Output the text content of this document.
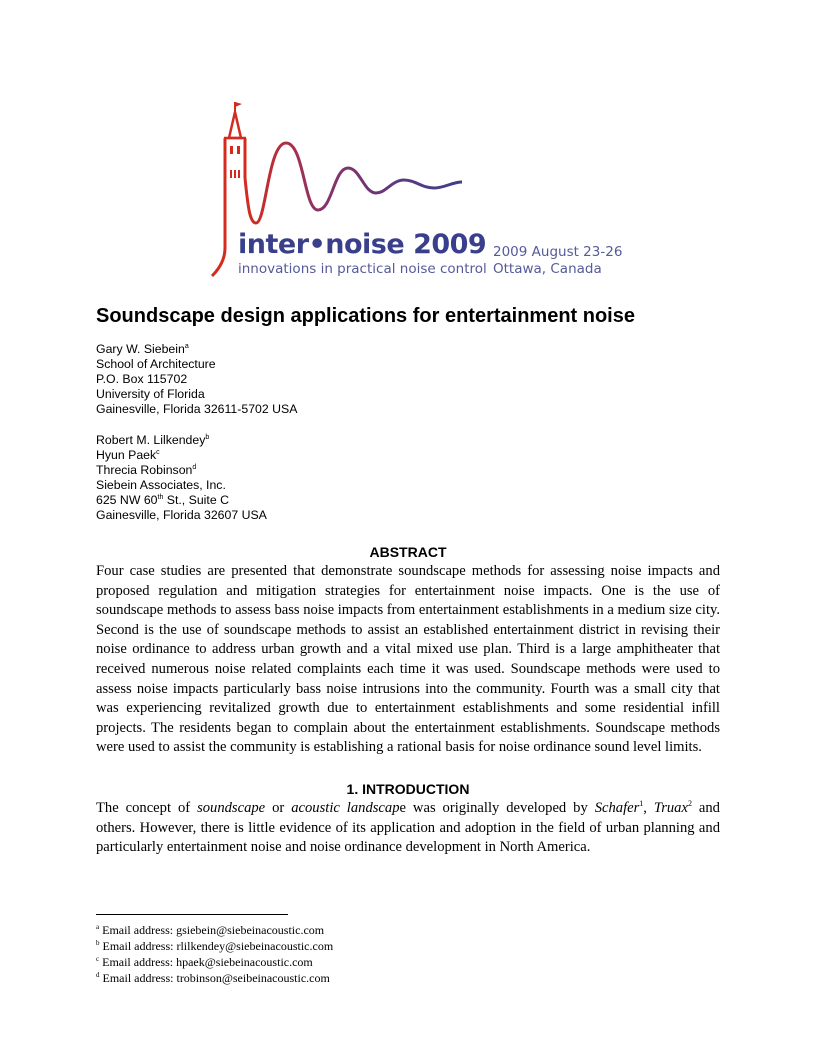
inter•noise 2009
innovations in practical noise control
2009 August 23-26
Ottawa, Canada
Soundscape design applications for entertainment noise
Gary W. Siebein$^a$
School of Architecture
P.O. Box 115702
University of Florida
Gainesville, Florida 32611-5702 USA
Robert M. Lilkendey$^b$
Hyun Paek$^c$
Threcia Robinson$^d$
Siebein Associates, Inc.
625 NW 60th St., Suite C
Gainesville, Florida 32607 USA
ABSTRACT
Four case studies are presented that demonstrate soundscape methods for assessing noise impacts and proposed regulation and mitigation strategies for entertainment noise impacts. One is the use of soundscape methods to assess bass noise impacts from entertainment establishments in a medium size city. Second is the use of soundscape methods to assist an established entertainment district in revising their noise ordinance to address urban growth and a vital mixed use plan. Third is a large amphitheater that received numerous noise related complaints each time it was used. Soundscape methods were used to assess noise impacts particularly bass noise intrusions into the community. Fourth was a small city that was experiencing revitalized growth due to entertainment establishments and some residential infill projects. The residents began to complain about the entertainment establishments. Soundscape methods were used to assist the community is establishing a rational basis for noise ordinance sound level limits.
1. INTRODUCTION
The concept of soundscape or acoustic landscape was originally developed by Schafer$^1$, Truax$^2$ and others. However, there is little evidence of its application and adoption in the field of urban planning and particularly entertainment noise and noise ordinance development in North America.
$^a$ Email address: gsiebein@siebeinacoustic.com
$^b$ Email address: rlilkendey@siebeinacoustic.com
$^c$ Email address: hpaek@siebeinacoustic.com
$^d$ Email address: trobinson@seibeinacoustic.com
